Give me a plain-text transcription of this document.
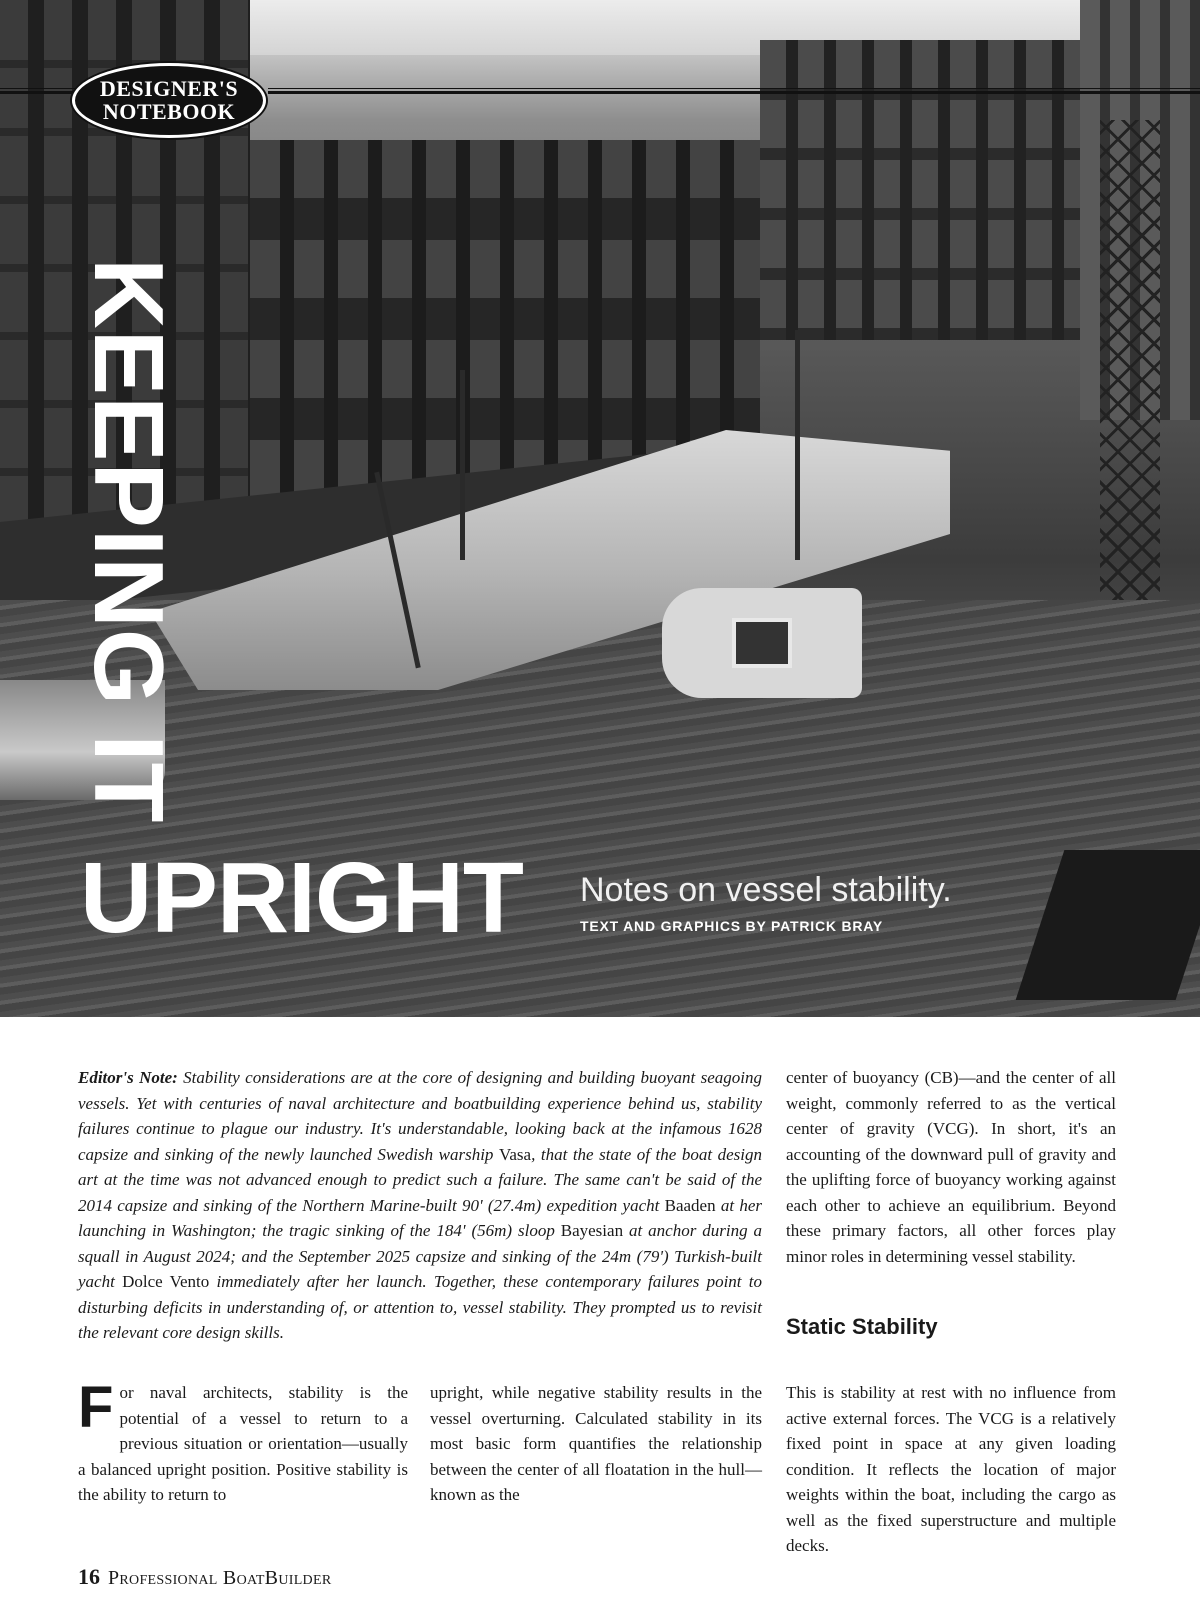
DESIGNER'S
NOTEBOOK
KEEPING IT
UPRIGHT Notes on vessel stability.
TEXT AND GRAPHICS BY PATRICK BRAY

Editor's Note: Stability considerations are at the core of designing and building buoyant seagoing vessels. Yet with centuries of naval architecture and boatbuilding experience behind us, stability failures continue to plague our industry. It's understandable, looking back at the infamous 1628 capsize and sinking of the newly launched Swedish warship Vasa, that the state of the boat design art at the time was not advanced enough to predict such a failure. The same can't be said of the 2014 capsize and sinking of the Northern Marine-built 90' (27.4m) expedition yacht Baaden at her launching in Washington; the tragic sinking of the 184' (56m) sloop Bayesian at anchor during a squall in August 2024; and the September 2025 capsize and sinking of the 24m (79') Turkish-built yacht Dolce Vento immediately after her launch. Together, these contemporary failures point to disturbing deficits in understanding of, or attention to, vessel stability. They prompted us to revisit the relevant core design skills.

For naval architects, stability is the potential of a vessel to return to a previous situation or orientation—usually a balanced upright position. Positive stability is the ability to return to

upright, while negative stability results in the vessel overturning. Calculated stability in its most basic form quantifies the relationship between the center of all floatation in the hull—known as the

center of buoyancy (CB)—and the center of all weight, commonly referred to as the vertical center of gravity (VCG). In short, it's an accounting of the downward pull of gravity and the uplifting force of buoyancy working against each other to achieve an equilibrium. Beyond these primary factors, all other forces play minor roles in determining vessel stability.

Static Stability

This is stability at rest with no influence from active external forces. The VCG is a relatively fixed point in space at any given loading condition. It reflects the location of major weights within the boat, including the cargo as well as the fixed superstructure and multiple decks.

16 Professional BoatBuilder
